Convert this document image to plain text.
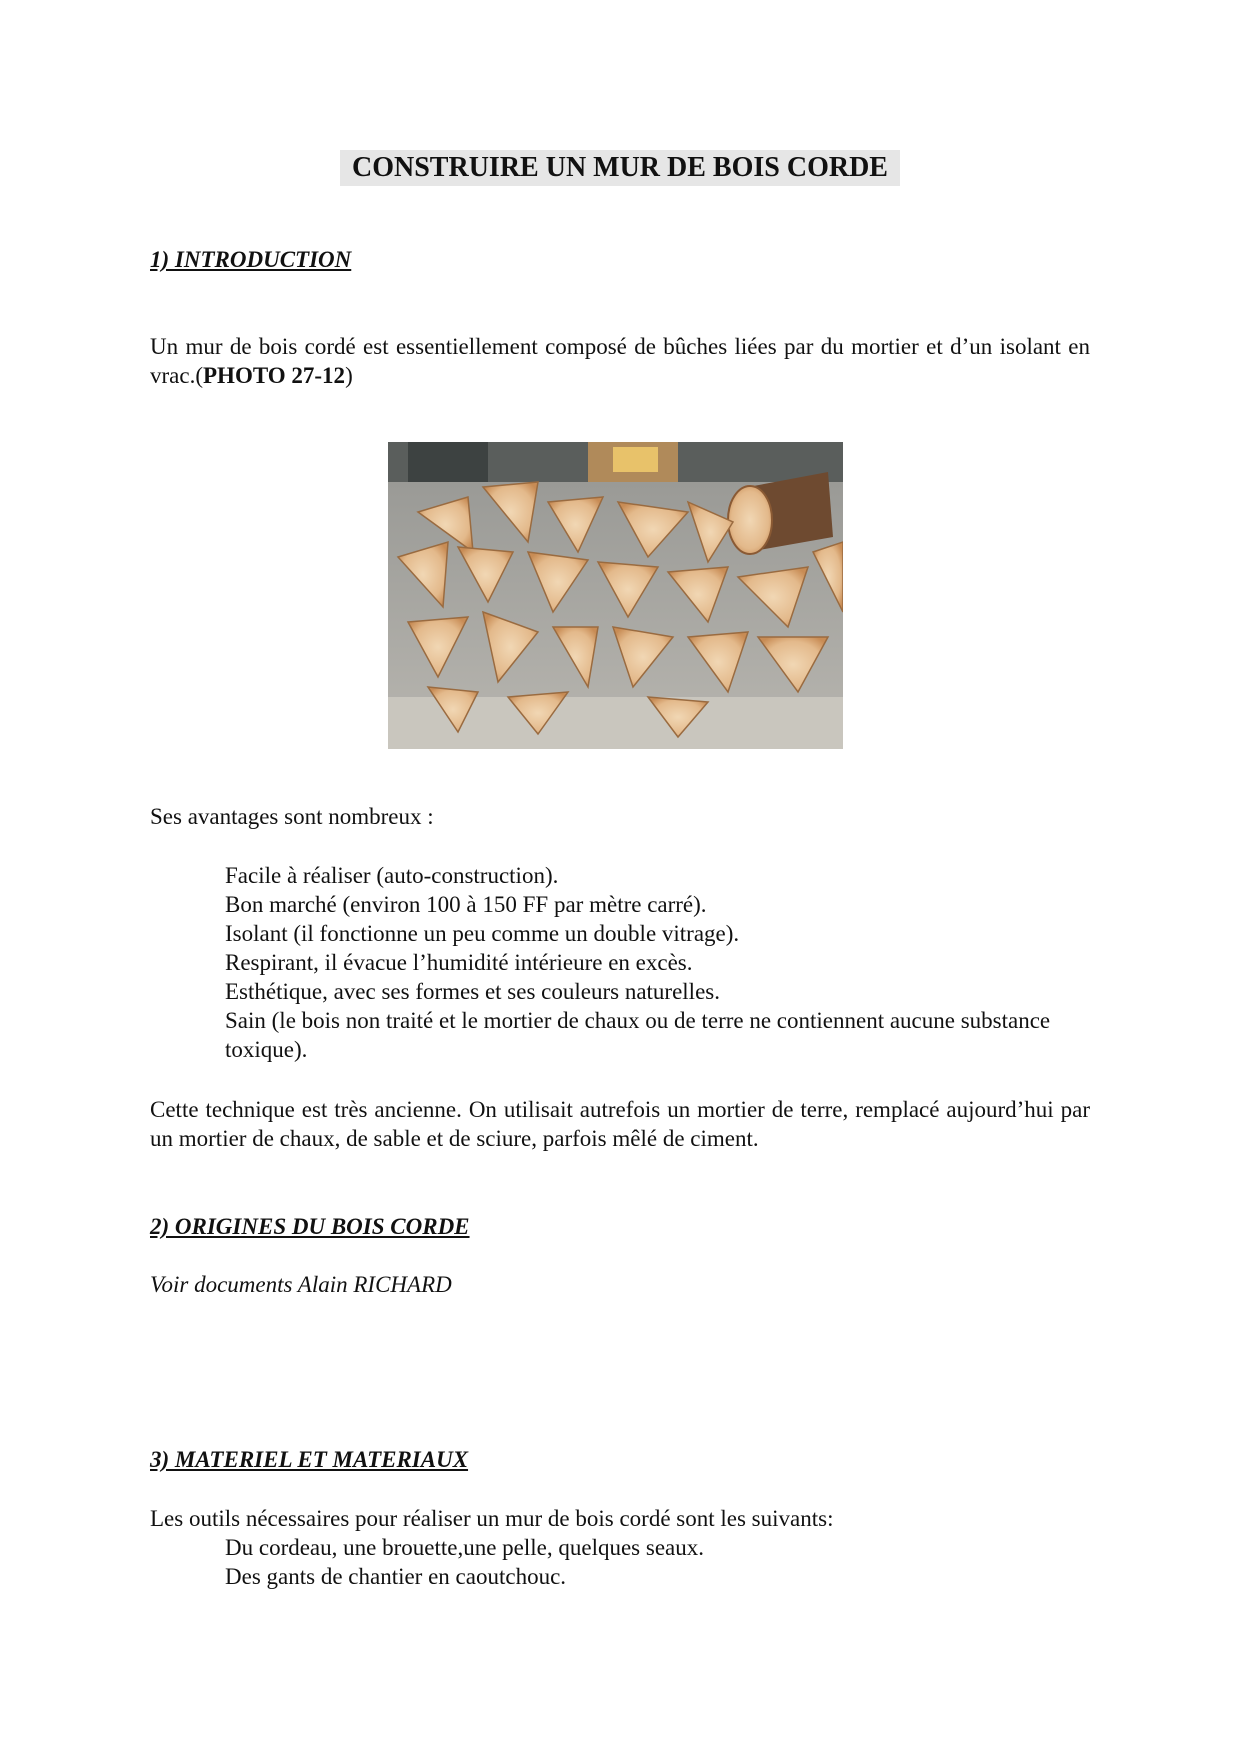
CONSTRUIRE UN MUR DE BOIS CORDE
1) INTRODUCTION
Un mur de bois cordé est essentiellement composé de bûches liées par du mortier et d’un isolant en vrac.(PHOTO 27-12)
Ses avantages sont nombreux :
Facile à réaliser (auto-construction).
Bon marché (environ 100 à 150 FF par mètre carré).
Isolant (il fonctionne un peu comme un double vitrage).
Respirant, il évacue l’humidité intérieure en excès.
Esthétique, avec ses formes et ses couleurs naturelles.
Sain (le bois non traité et le mortier de chaux ou de terre ne contiennent aucune substance toxique).
Cette technique est très ancienne. On utilisait autrefois un mortier de terre, remplacé aujourd’hui par un mortier de chaux, de sable et de sciure, parfois mêlé de ciment.
2) ORIGINES DU BOIS CORDE
Voir documents Alain RICHARD
3) MATERIEL ET MATERIAUX
Les outils nécessaires pour réaliser un mur de bois cordé sont les suivants:
Du cordeau, une brouette,une pelle, quelques seaux.
Des gants de chantier en caoutchouc.
